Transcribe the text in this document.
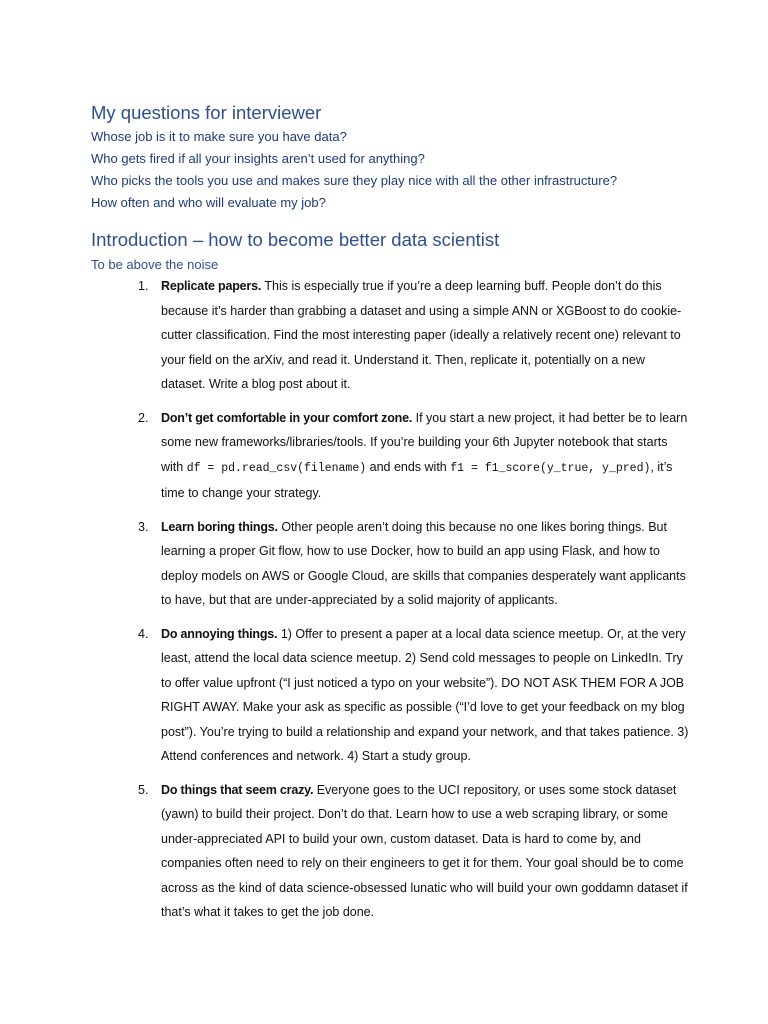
My questions for interviewer

Whose job is it to make sure you have data?

Who gets fired if all your insights aren’t used for anything?

Who picks the tools you use and makes sure they play nice with all the other infrastructure?

How often and who will evaluate my job?

Introduction – how to become better data scientist
To be above the noise
1. Replicate papers. This is especially true if you’re a deep learning buff. People don’t do this because it’s harder than grabbing a dataset and using a simple ANN or XGBoost to do cookie-cutter classification. Find the most interesting paper (ideally a relatively recent one) relevant to your field on the arXiv, and read it. Understand it. Then, replicate it, potentially on a new dataset. Write a blog post about it.
2. Don’t get comfortable in your comfort zone. If you start a new project, it had better be to learn some new frameworks/libraries/tools. If you’re building your 6th Jupyter notebook that starts with df = pd.read_csv(filename) and ends with f1 = f1_score(y_true, y_pred), it’s time to change your strategy.
3. Learn boring things. Other people aren’t doing this because no one likes boring things. But learning a proper Git flow, how to use Docker, how to build an app using Flask, and how to deploy models on AWS or Google Cloud, are skills that companies desperately want applicants to have, but that are under-appreciated by a solid majority of applicants.
4. Do annoying things. 1) Offer to present a paper at a local data science meetup. Or, at the very least, attend the local data science meetup. 2) Send cold messages to people on LinkedIn. Try to offer value upfront (“I just noticed a typo on your website”). DO NOT ASK THEM FOR A JOB RIGHT AWAY. Make your ask as specific as possible (“I’d love to get your feedback on my blog post”). You’re trying to build a relationship and expand your network, and that takes patience. 3) Attend conferences and network. 4) Start a study group.
5. Do things that seem crazy. Everyone goes to the UCI repository, or uses some stock dataset (yawn) to build their project. Don’t do that. Learn how to use a web scraping library, or some under-appreciated API to build your own, custom dataset. Data is hard to come by, and companies often need to rely on their engineers to get it for them. Your goal should be to come across as the kind of data science-obsessed lunatic who will build your own goddamn dataset if that’s what it takes to get the job done.
